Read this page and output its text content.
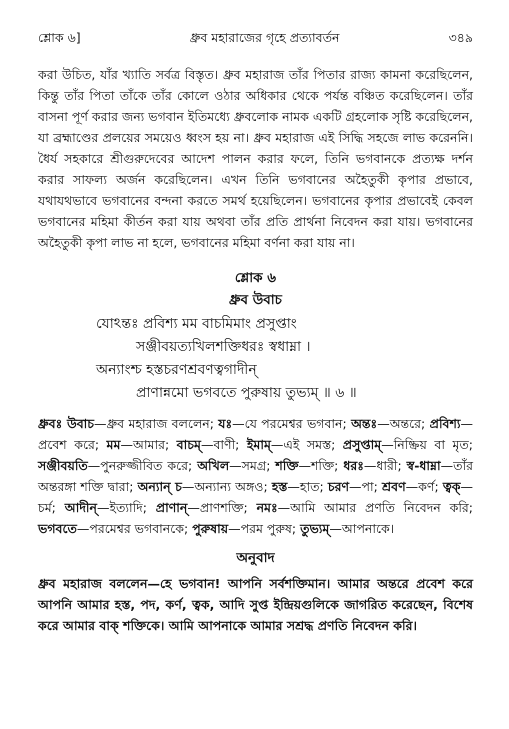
শ্লোক ৬]	ধ্রুব মহারাজের গৃহে প্রত্যাবর্তন	৩৪৯

করা উচিত, যাঁর খ্যাতি সর্বত্র বিস্তৃত। ধ্রুব মহারাজ তাঁর পিতার রাজ্য কামনা করেছিলেন, কিন্তু তাঁর পিতা তাঁকে তাঁর কোলে ওঠার অধিকার থেকে পর্যন্ত বঞ্চিত করেছিলেন। তাঁর বাসনা পূর্ণ করার জন্য ভগবান ইতিমধ্যে ধ্রুবলোক নামক একটি গ্রহলোক সৃষ্টি করেছিলেন, যা ব্রহ্মাণ্ডের প্রলয়ের সময়েও ধ্বংস হয় না। ধ্রুব মহারাজ এই সিদ্ধি সহজে লাভ করেননি। ধৈর্য সহকারে শ্রীগুরুদেবের আদেশ পালন করার ফলে, তিনি ভগবানকে প্রত্যক্ষ দর্শন করার সাফল্য অর্জন করেছিলেন। এখন তিনি ভগবানের অহৈতুকী কৃপার প্রভাবে, যথাযথভাবে ভগবানের বন্দনা করতে সমর্থ হয়েছিলেন। ভগবানের কৃপার প্রভাবেই কেবল ভগবানের মহিমা কীর্তন করা যায় অথবা তাঁর প্রতি প্রার্থনা নিবেদন করা যায়। ভগবানের অহৈতুকী কৃপা লাভ না হলে, ভগবানের মহিমা বর্ণনা করা যায় না।

শ্লোক ৬
ধ্রুব উবাচ
যোঽন্তঃ প্রবিশ্য মম বাচমিমাং প্রসুপ্তাং
সঞ্জীবয়ত্যখিলশক্তিধরঃ স্বধাম্না ।
অন্যাংশ্চ হস্তচরণশ্রবণত্বগাদীন্
প্রাণান্নমো ভগবতে পুরুষায় তুভ্যম্ ॥ ৬ ॥
ধ্রুবঃ উবাচ—ধ্রুব মহারাজ বললেন; যঃ—যে পরমেশ্বর ভগবান; অন্তঃ—অন্তরে; প্রবিশ্য—প্রবেশ করে; মম—আমার; বাচম্—বাণী; ইমাম্—এই সমস্ত; প্রসুপ্তাম্—নিষ্ক্রিয় বা মৃত; সঞ্জীবয়তি—পুনরুজ্জীবিত করে; অখিল—সমগ্র; শক্তি—শক্তি; ধরঃ—ধারী; স্ব-ধাম্না—তাঁর অন্তরঙ্গা শক্তি দ্বারা; অন্যান্ চ—অন্যান্য অঙ্গও; হস্ত—হাত; চরণ—পা; শ্রবণ—কর্ণ; ত্বক্—চর্ম; আদীন্—ইত্যাদি; প্রাণান্—প্রাণশক্তি; নমঃ—আমি আমার প্রণতি নিবেদন করি; ভগবতে—পরমেশ্বর ভগবানকে; পুরুষায়—পরম পুরুষ; তুভ্যম্—আপনাকে।
অনুবাদ
ধ্রুব মহারাজ বললেন—হে ভগবান! আপনি সর্বশক্তিমান। আমার অন্তরে প্রবেশ করে আপনি আমার হস্ত, পদ, কর্ণ, ত্বক, আদি সুপ্ত ইন্দ্রিয়গুলিকে জাগরিত করেছেন, বিশেষ করে আমার বাক্ শক্তিকে। আমি আপনাকে আমার সশ্রদ্ধ প্রণতি নিবেদন করি।
